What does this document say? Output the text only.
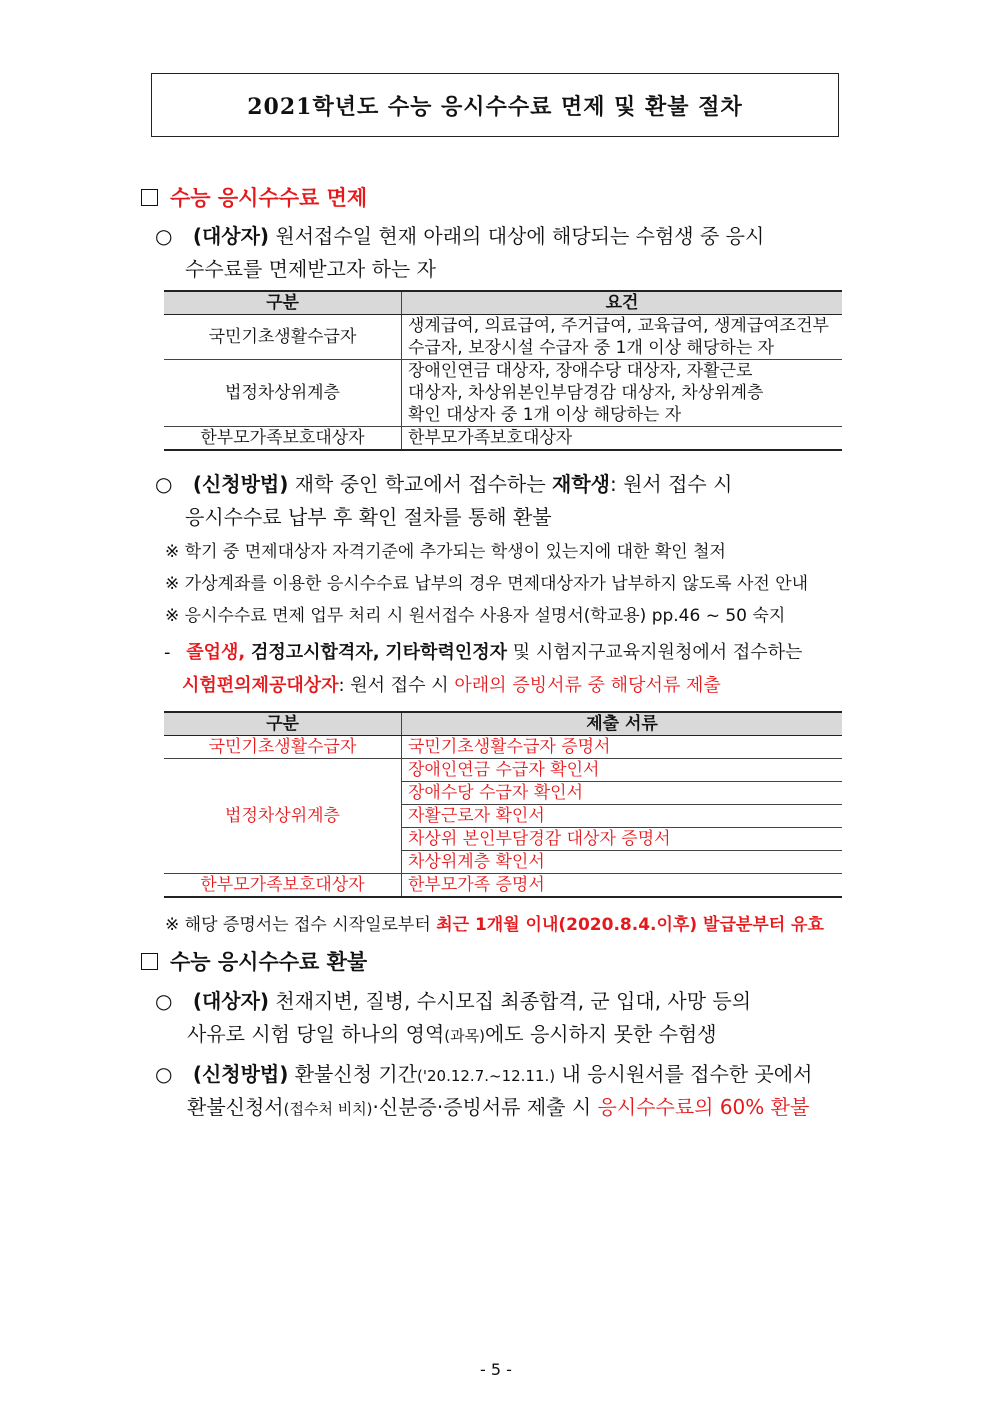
2021학년도 수능 응시수수료 면제 및 환불 절차
수능 응시수수료 면제
○ (대상자) 원서접수일 현재 아래의 대상에 해당되는 수험생 중 응시
수수료를 면제받고자 하는 자
구분	요건
국민기초생활수급자	생계급여, 의료급여, 주거급여, 교육급여, 생계급여조건부
수급자, 보장시설 수급자 중 1개 이상 해당하는 자

법정차상위계층	장애인연금 대상자, 장애수당 대상자, 자활근로
대상자, 차상위본인부담경감 대상자, 차상위계층
확인 대상자 중 1개 이상 해당하는 자

한부모가족보호대상자	한부모가족보호대상자
○ (신청방법) 재학 중인 학교에서 접수하는 재학생: 원서 접수 시
응시수수료 납부 후 확인 절차를 통해 환불
※ 학기 중 면제대상자 자격기준에 추가되는 학생이 있는지에 대한 확인 철저
※ 가상계좌를 이용한 응시수수료 납부의 경우 면제대상자가 납부하지 않도록 사전 안내
※ 응시수수료 면제 업무 처리 시 원서접수 사용자 설명서(학교용) pp.46 ~ 50 숙지
- 졸업생, 검정고시합격자, 기타학력인정자 및 시험지구교육지원청에서 접수하는
시험편의제공대상자: 원서 접수 시 아래의 증빙서류 중 해당서류 제출
구분	제출 서류
국민기초생활수급자	국민기초생활수급자 증명서
법정차상위계층	장애인연금 수급자 확인서
	장애수당 수급자 확인서
	자활근로자 확인서
	차상위 본인부담경감 대상자 증명서
	차상위계층 확인서
한부모가족보호대상자	한부모가족 증명서
※ 해당 증명서는 접수 시작일로부터 최근 1개월 이내(2020.8.4.이후) 발급분부터 유효
수능 응시수수료 환불
○ (대상자) 천재지변, 질병, 수시모집 최종합격, 군 입대, 사망 등의
사유로 시험 당일 하나의 영역(과목)에도 응시하지 못한 수험생
○ (신청방법) 환불신청 기간('20.12.7.~12.11.) 내 응시원서를 접수한 곳에서
환불신청서(접수처 비치)·신분증·증빙서류 제출 시 응시수수료의 60% 환불
- 5 -
